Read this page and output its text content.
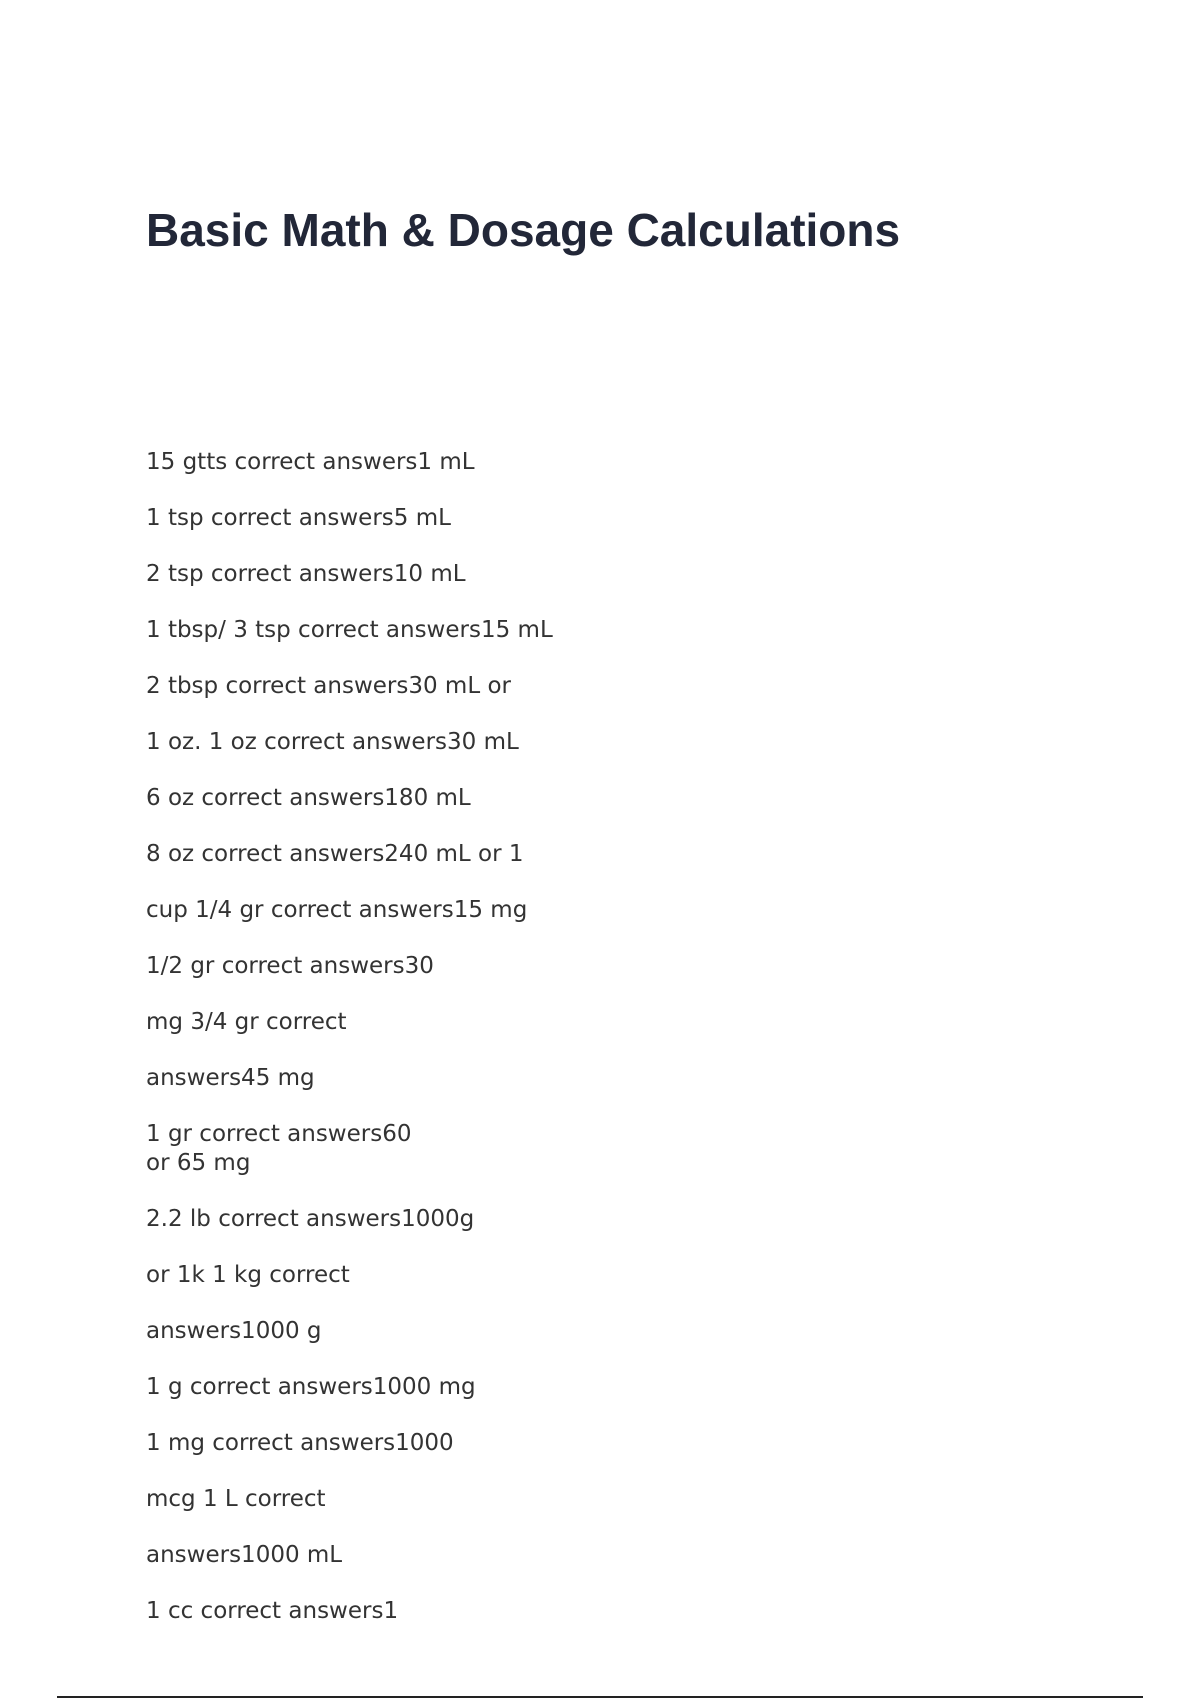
Basic Math & Dosage Calculations

15 gtts correct answers1 mL

1 tsp correct answers5 mL

2 tsp correct answers10 mL

1 tbsp/ 3 tsp correct answers15 mL

2 tbsp correct answers30 mL or

1 oz. 1 oz correct answers30 mL

6 oz correct answers180 mL

8 oz correct answers240 mL or 1

cup 1/4 gr correct answers15 mg

1/2 gr correct answers30

mg 3/4 gr correct

answers45 mg

1 gr correct answers60
or 65 mg

2.2 lb correct answers1000g

or 1k 1 kg correct

answers1000 g

1 g correct answers1000 mg

1 mg correct answers1000

mcg 1 L correct

answers1000 mL

1 cc correct answers1
